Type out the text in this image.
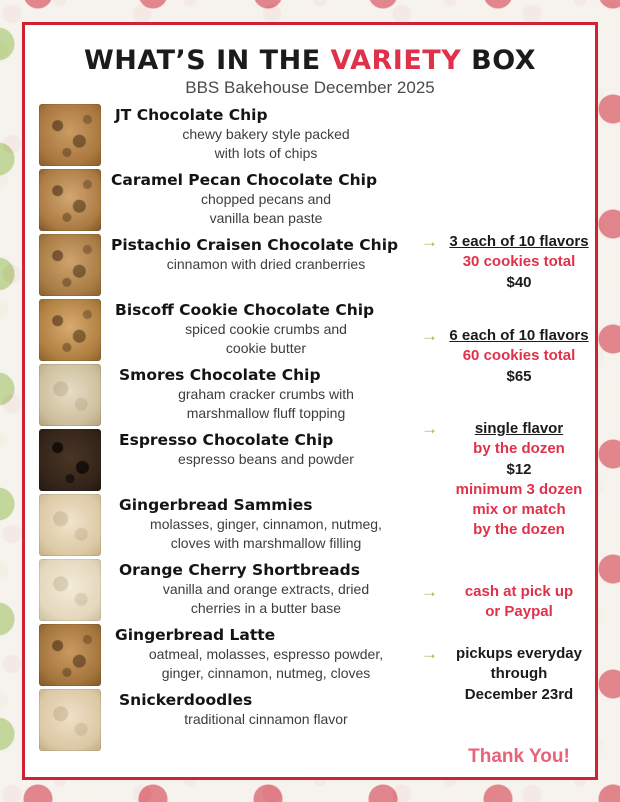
WHAT’S IN THE VARIETY BOX
BBS Bakehouse December 2025
JT Chocolate Chip
chewy bakery style packed
with lots of chips
Caramel Pecan Chocolate Chip
chopped pecans and
vanilla bean paste
Pistachio Craisen Chocolate Chip
cinnamon with dried cranberries
Biscoff Cookie Chocolate Chip
spiced cookie crumbs and
cookie butter
Smores Chocolate Chip
graham cracker crumbs with
marshmallow fluff topping
Espresso Chocolate Chip
espresso beans and powder
Gingerbread Sammies
molasses, ginger, cinnamon, nutmeg,
cloves with marshmallow filling
Orange Cherry Shortbreads
vanilla and orange extracts, dried
cherries in a butter base
Gingerbread Latte
oatmeal, molasses, espresso powder,
ginger, cinnamon, nutmeg, cloves
Snickerdoodles
traditional cinnamon flavor
→ 3 each of 10 flavors
30 cookies total
$40
→ 6 each of 10 flavors
60 cookies total
$65
→	single flavor
by the dozen
$12
minimum 3 dozen
mix or match
by the dozen
→	cash at pick up
or Paypal
→	pickups everyday
through
December 23rd
Thank You!
